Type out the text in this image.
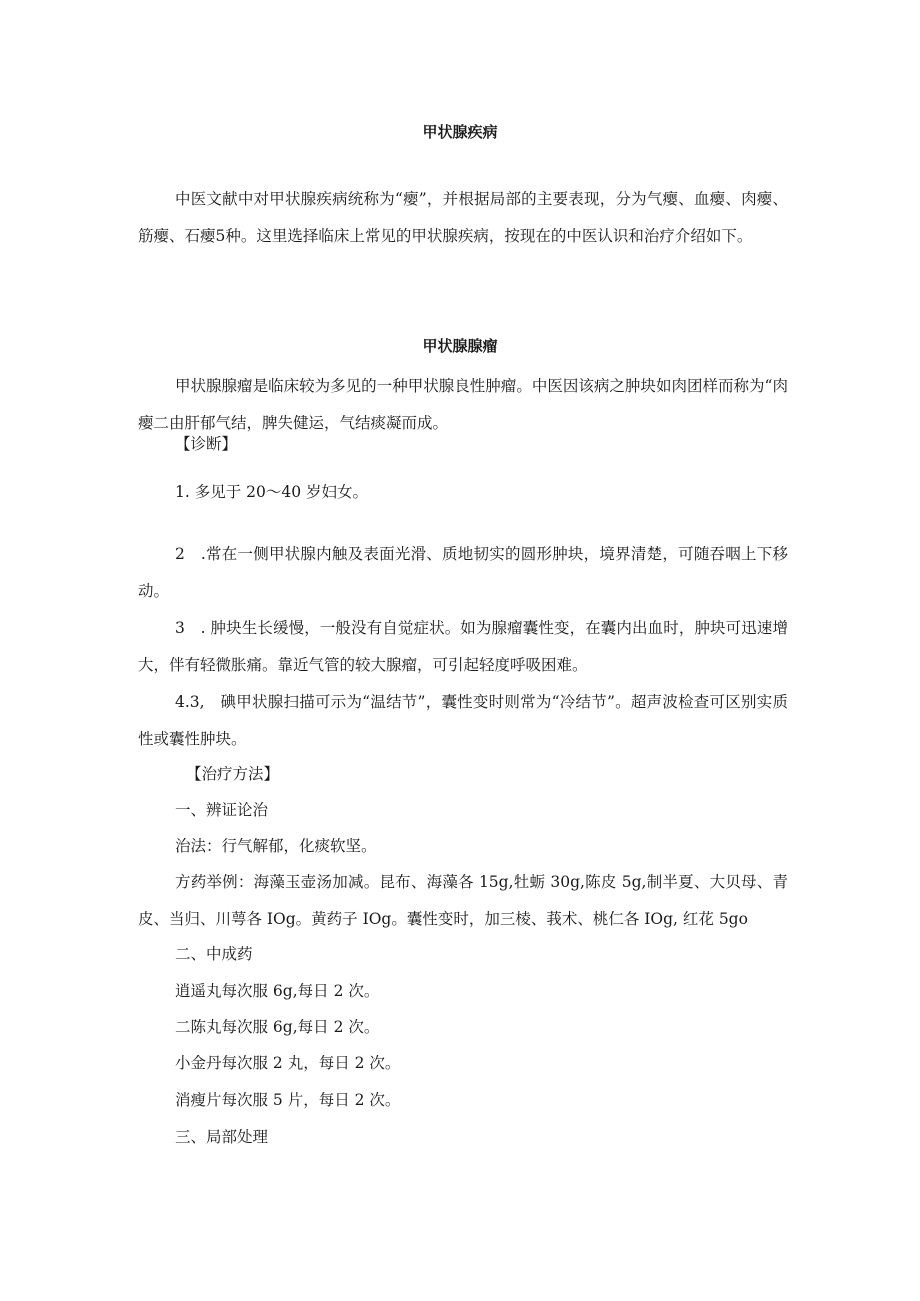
甲状腺疾病
中医文献中对甲状腺疾病统称为“瘿”，并根据局部的主要表现，分为气瘿、血瘿、肉瘿、筋瘿、石瘿5种。这里选择临床上常见的甲状腺疾病，按现在的中医认识和治疗介绍如下。
甲状腺腺瘤
甲状腺腺瘤是临床较为多见的一种甲状腺良性肿瘤。中医因该病之肿块如肉团样而称为“肉瘿二由肝郁气结，脾失健运，气结痰凝而成。
【诊断】
1. 多见于 20～40 岁妇女。
2　.常在一侧甲状腺内触及表面光滑、质地韧实的圆形肿块，境界清楚，可随吞咽上下移动。
3　. 肿块生长缓慢，一般没有自觉症状。如为腺瘤囊性变，在囊内出血时，肿块可迅速增大，伴有轻微胀痛。靠近气管的较大腺瘤，可引起轻度呼吸困难。
4.3,　碘甲状腺扫描可示为“温结节”，囊性变时则常为“冷结节”。超声波检查可区别实质性或囊性肿块。
【治疗方法】
一、辨证论治
治法：行气解郁，化痰软坚。
方药举例：海藻玉壶汤加减。昆布、海藻各 15g,牡蛎 30g,陈皮 5g,制半夏、大贝母、青皮、当归、川萼各 IOg。黄药子 IOg。囊性变时，加三棱、莪术、桃仁各 IOg, 红花 5go
二、中成药
逍遥丸每次服 6g,每日 2 次。
二陈丸每次服 6g,每日 2 次。
小金丹每次服 2 丸，每日 2 次。
消瘦片每次服 5 片，每日 2 次。
三、局部处理
